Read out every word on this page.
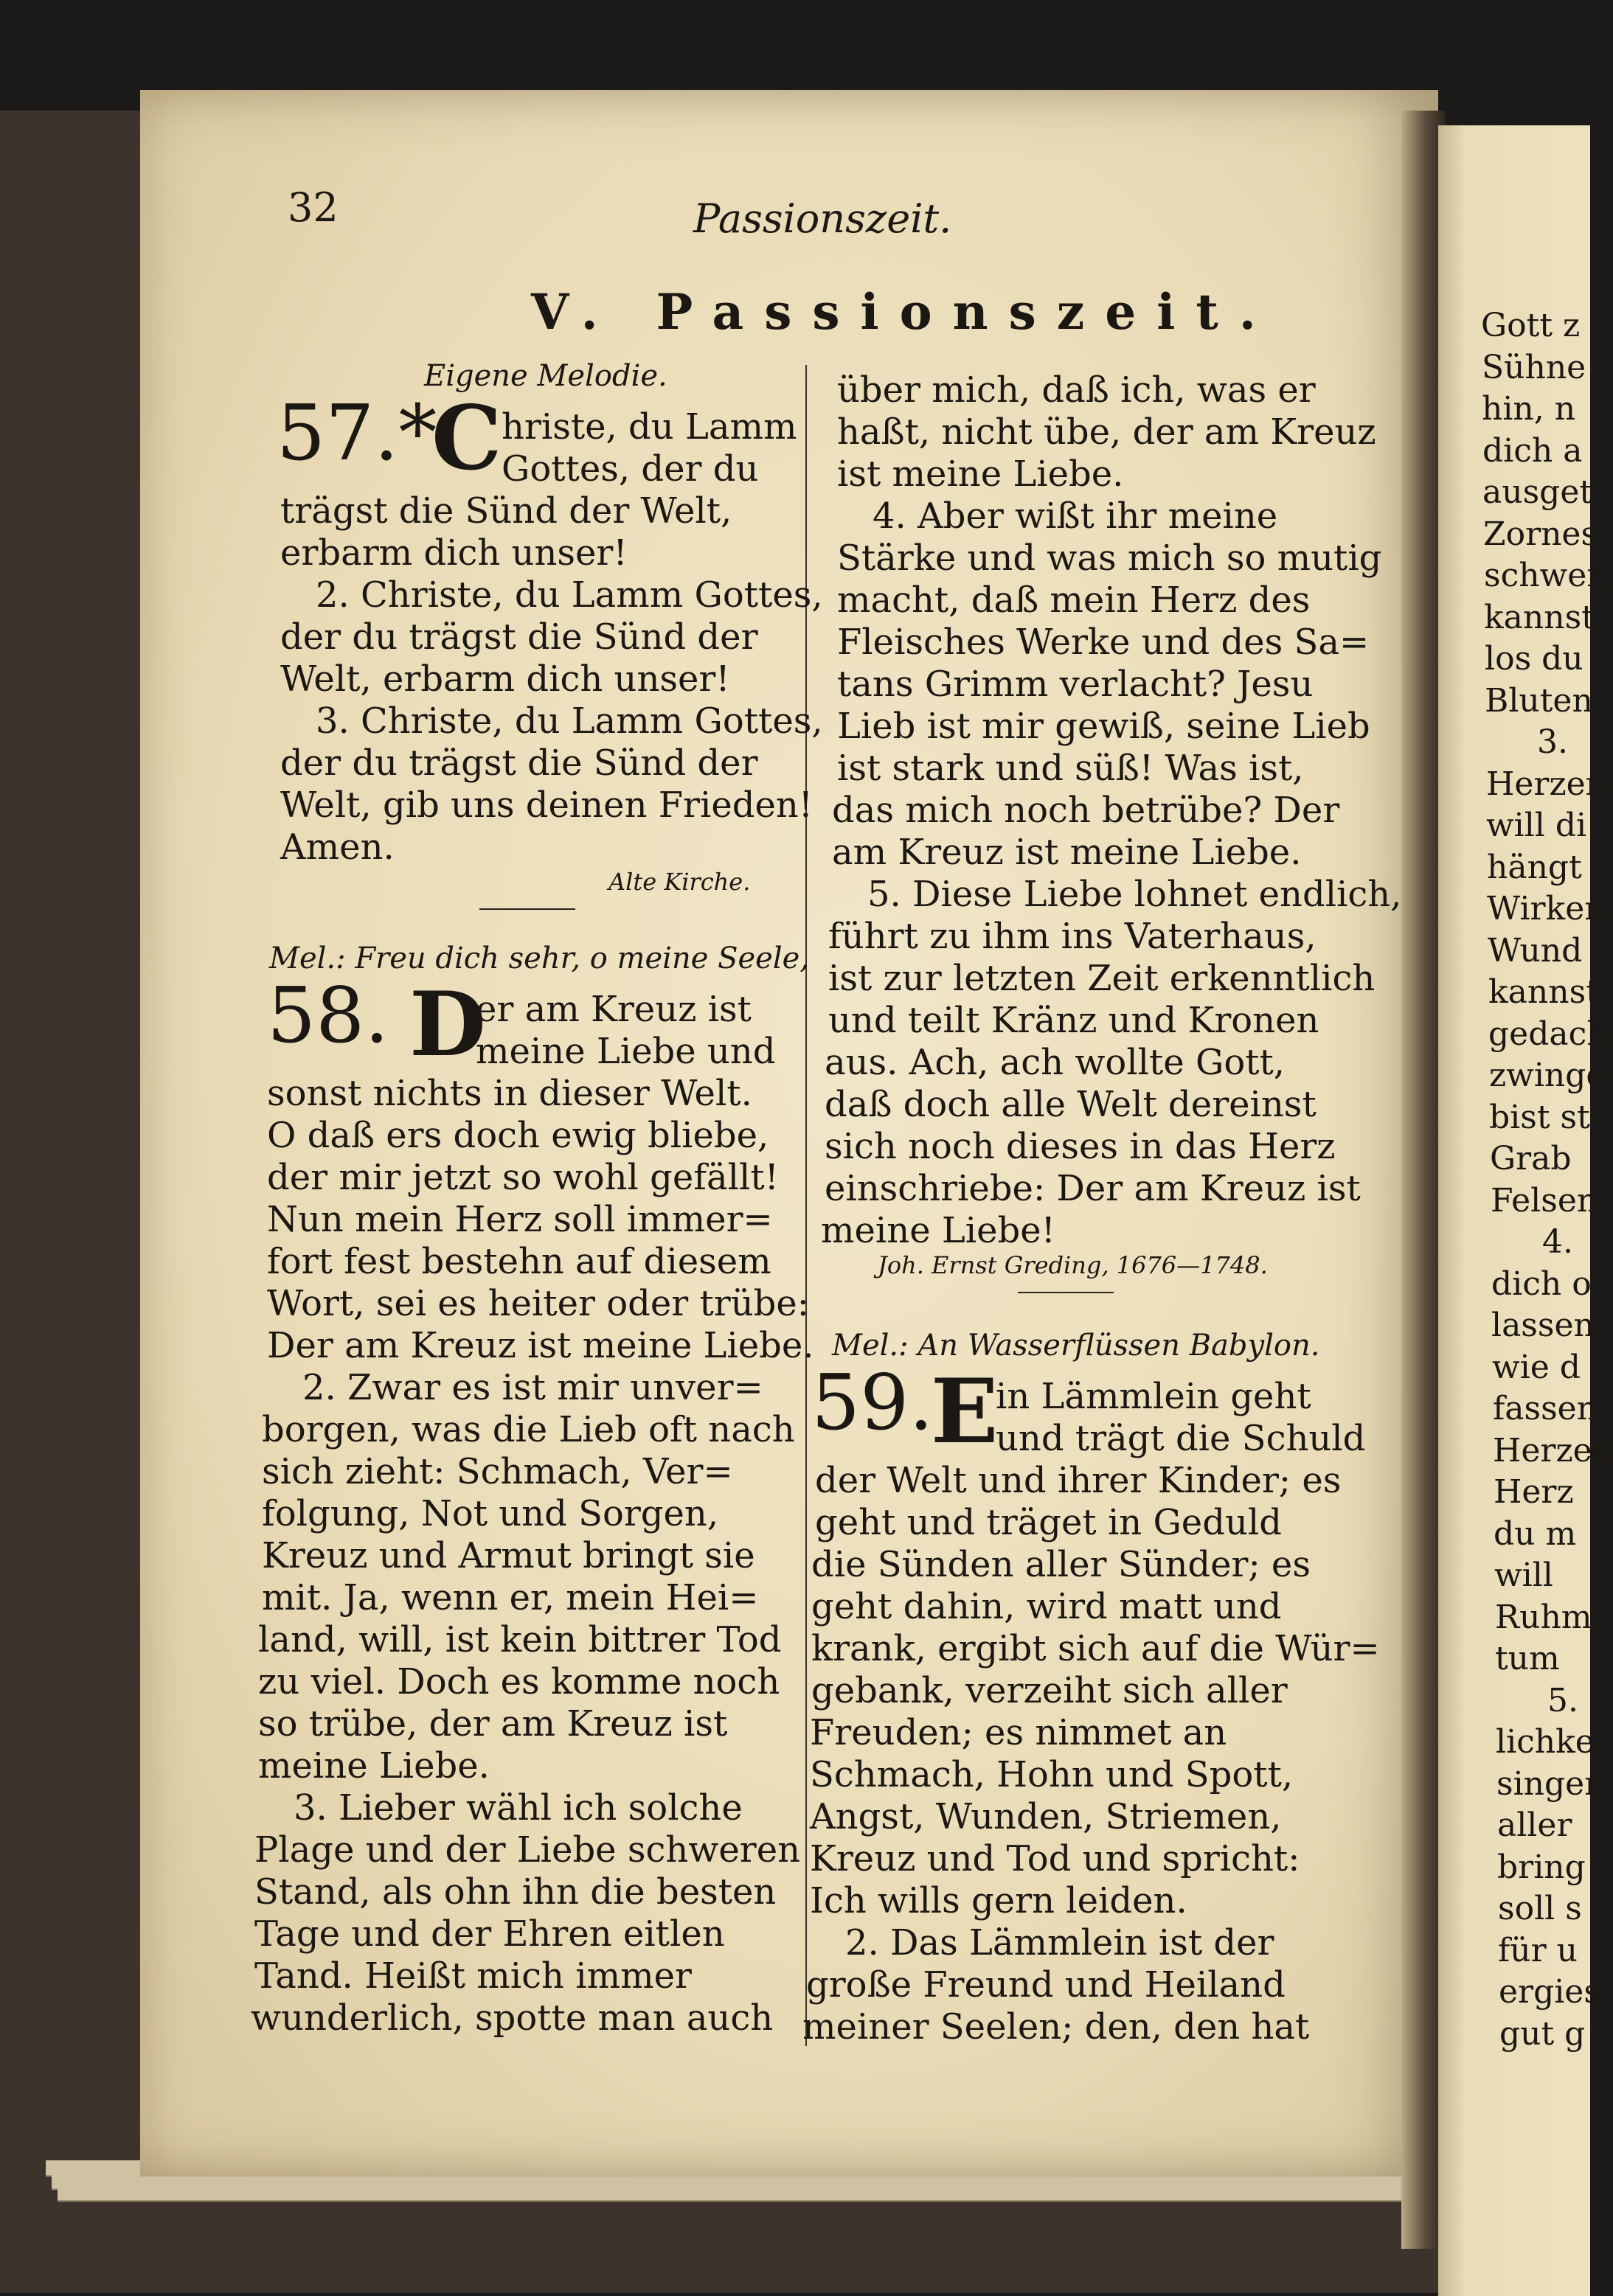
32	Passionszeit.
V. Passionszeit.
Eigene Melodie.
57.*
C hriste, du Lamm
Gottes, der du
trägst die Sünd der Welt,
erbarm dich unser!
2. Christe, du Lamm Gottes,
der du trägst die Sünd der
Welt, erbarm dich unser!
3. Christe, du Lamm Gottes,
der du trägst die Sünd der
Welt, gib uns deinen Frieden!
Amen.
Alte Kirche.
Mel.: Freu dich sehr, o meine Seele,
58. D
er am Kreuz ist
meine Liebe und
sonst nichts in dieser Welt.
O daß ers doch ewig bliebe,
der mir jetzt so wohl gefällt!
Nun mein Herz soll immer=
fort fest bestehn auf diesem
Wort, sei es heiter oder trübe:
Der am Kreuz ist meine Liebe.
2. Zwar es ist mir unver=
borgen, was die Lieb oft nach
sich zieht: Schmach, Ver=
folgung, Not und Sorgen,
Kreuz und Armut bringt sie
mit. Ja, wenn er, mein Hei=
land, will, ist kein bittrer Tod
zu viel. Doch es komme noch
so trübe, der am Kreuz ist
meine Liebe.
3. Lieber wähl ich solche
Plage und der Liebe schweren
Stand, als ohn ihn die besten
Tage und der Ehren eitlen
Tand. Heißt mich immer
wunderlich, spotte man auch
über mich, daß ich, was er
haßt, nicht übe, der am Kreuz
ist meine Liebe.
4. Aber wißt ihr meine
Stärke und was mich so mutig
macht, daß mein Herz des
Fleisches Werke und des Sa=
tans Grimm verlacht? Jesu
Lieb ist mir gewiß, seine Lieb
ist stark und süß! Was ist,
das mich noch betrübe? Der
am Kreuz ist meine Liebe.
5. Diese Liebe lohnet endlich,
führt zu ihm ins Vaterhaus,
ist zur letzten Zeit erkenntlich
und teilt Kränz und Kronen
aus. Ach, ach wollte Gott,
daß doch alle Welt dereinst
sich noch dieses in das Herz
einschriebe: Der am Kreuz ist
meine Liebe!
Joh. Ernst Greding, 1676—1748.
Mel.: An Wasserflüssen Babylon.
59.
E
in Lämmlein geht
und trägt die Schuld
der Welt und ihrer Kinder; es
geht und träget in Geduld
die Sünden aller Sünder; es
geht dahin, wird matt und
krank, ergibt sich auf die Wür=
gebank, verzeiht sich aller
Freuden; es nimmet an
Schmach, Hohn und Spott,
Angst, Wunden, Striemen,
Kreuz und Tod und spricht:
Ich wills gern leiden.
2. Das Lämmlein ist der
große Freund und Heiland
meiner Seelen; den, den hat
Gott z
Sühne
hin, n
dich a
ausget
Zornes
schwer,
kannst
los du
Bluten
3.
Herzen
will di
hängt
Wirken
Wund
kannst
gedach
zwinge
bist st
Grab
Felsen
4.
dich o
lassen
wie d
fassen.
Herzen
Herz
du m
will
Ruhm
tum
5.
lichkei
singen
aller
bring
soll s
für u
ergies
gut g
